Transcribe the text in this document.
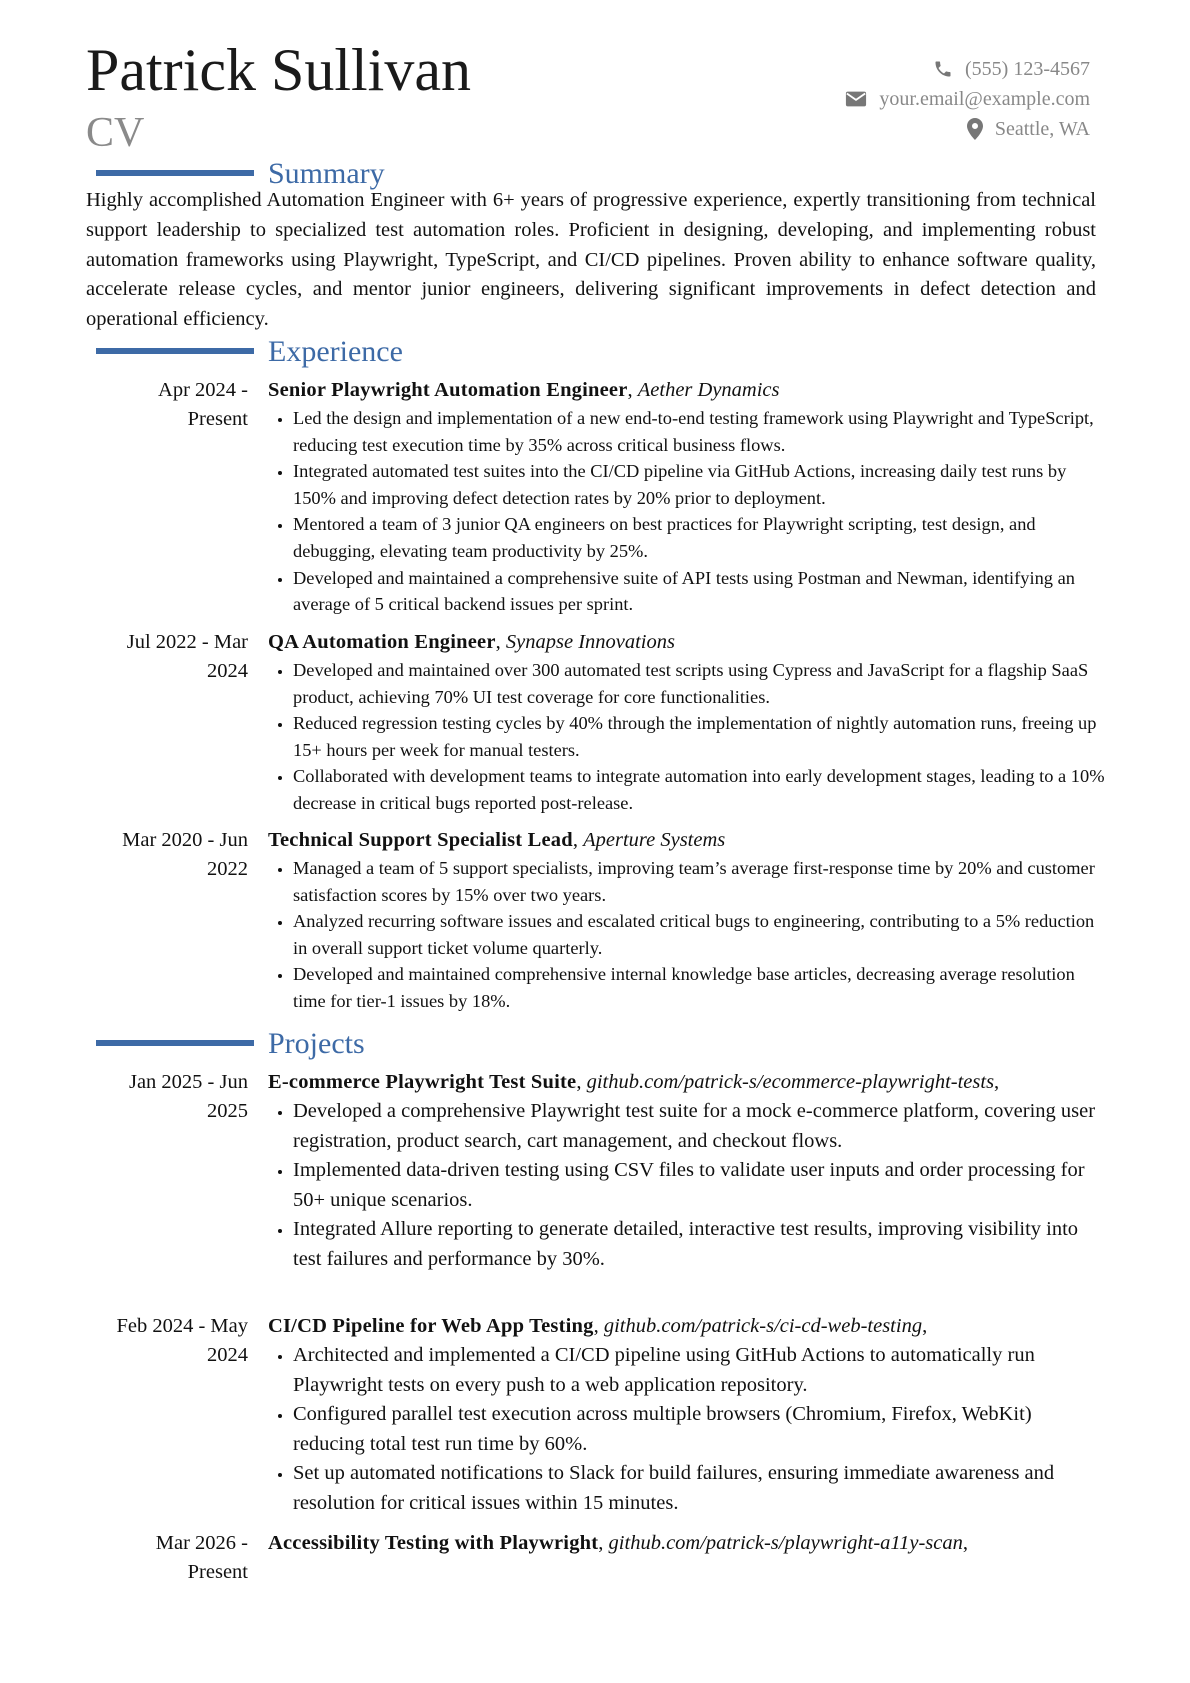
Patrick Sullivan
CV
(555) 123-4567
your.email@example.com
Seattle, WA
Summary

Highly accomplished Automation Engineer with 6+ years of progressive experience, expertly transitioning from technical support leadership to specialized test automation roles. Proficient in designing, developing, and implementing robust automation frameworks using Playwright, TypeScript, and CI/CD pipelines. Proven ability to enhance software quality, accelerate release cycles, and mentor junior engineers, delivering significant improvements in defect detection and operational efficiency.

Experience
Apr 2024 -
Present
Senior Playwright Automation Engineer, Aether Dynamics
• Led the design and implementation of a new end-to-end testing framework using Playwright and TypeScript, reducing test execution time by 35% across critical business flows.
• Integrated automated test suites into the CI/CD pipeline via GitHub Actions, increasing daily test runs by 150% and improving defect detection rates by 20% prior to deployment.
• Mentored a team of 3 junior QA engineers on best practices for Playwright scripting, test design, and debugging, elevating team productivity by 25%.
• Developed and maintained a comprehensive suite of API tests using Postman and Newman, identifying an average of 5 critical backend issues per sprint.
Jul 2022 - Mar
2024
QA Automation Engineer, Synapse Innovations
• Developed and maintained over 300 automated test scripts using Cypress and JavaScript for a flagship SaaS product, achieving 70% UI test coverage for core functionalities.
• Reduced regression testing cycles by 40% through the implementation of nightly automation runs, freeing up 15+ hours per week for manual testers.
• Collaborated with development teams to integrate automation into early development stages, leading to a 10% decrease in critical bugs reported post-release.
Mar 2020 - Jun
2022
Technical Support Specialist Lead, Aperture Systems
• Managed a team of 5 support specialists, improving team’s average first-response time by 20% and customer satisfaction scores by 15% over two years.
• Analyzed recurring software issues and escalated critical bugs to engineering, contributing to a 5% reduction in overall support ticket volume quarterly.
• Developed and maintained comprehensive internal knowledge base articles, decreasing average resolution time for tier-1 issues by 18%.
Projects
Jan 2025 - Jun
2025
E-commerce Playwright Test Suite, github.com/patrick-s/ecommerce-playwright-tests,
• Developed a comprehensive Playwright test suite for a mock e-commerce platform, covering user registration, product search, cart management, and checkout flows.
• Implemented data-driven testing using CSV files to validate user inputs and order processing for 50+ unique scenarios.
• Integrated Allure reporting to generate detailed, interactive test results, improving visibility into test failures and performance by 30%.
Feb 2024 - May
2024
CI/CD Pipeline for Web App Testing, github.com/patrick-s/ci-cd-web-testing,
• Architected and implemented a CI/CD pipeline using GitHub Actions to automatically run Playwright tests on every push to a web application repository.
• Configured parallel test execution across multiple browsers (Chromium, Firefox, WebKit) reducing total test run time by 60%.
• Set up automated notifications to Slack for build failures, ensuring immediate awareness and resolution for critical issues within 15 minutes.
Mar 2026 -
Present
Accessibility Testing with Playwright, github.com/patrick-s/playwright-a11y-scan,
